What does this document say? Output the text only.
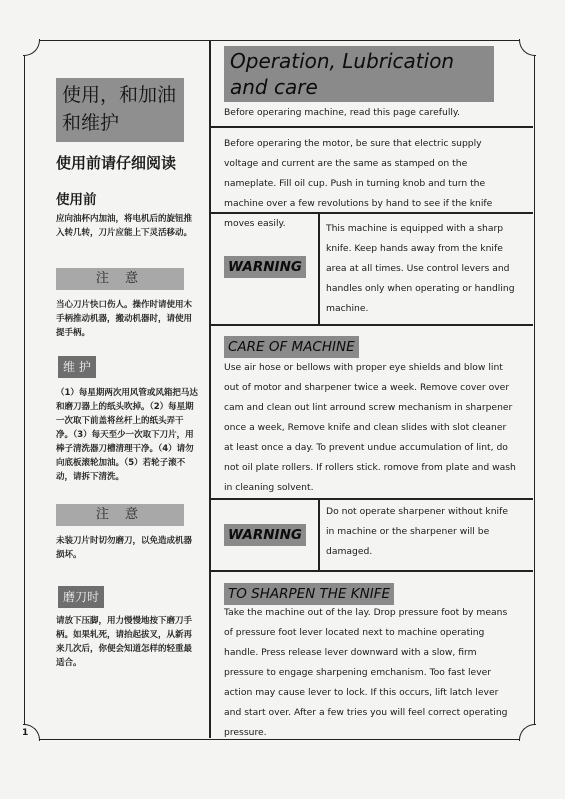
使用，和加油和维护
使用前请仔细阅读
使用前
应向油杯内加油，将电机后的旋钮推入转几转，刀片应能上下灵活移动。
注 意
当心刀片快口伤人。操作时请使用木手柄推动机器，搬动机器时，请使用提手柄。
维 护
（1）每星期两次用风管或风箱把马达和磨刀器上的纸头吹掉。（2）每星期一次取下前盖将丝杆上的纸头弄干净。（3）每天至少一次取下刀片，用棒子清洗器刀槽清理干净。（4）请勿向底板滚轮加油。（5）若轮子滚不动，请拆下清洗。
注 意
未装刀片时切勿磨刀，以免造成机器损坏。
磨刀时
请放下压脚，用力慢慢地按下磨刀手柄。如果轧死，请抬起拔叉，从新再来几次后，你便会知道怎样的轻重最适合。
Operation, Lubrication and care
Before operaring machine, read this page carefully.
Before operaring the motor, be sure that electric supply voltage and current are the same as stamped on the nameplate. Fill oil cup. Push in turning knob and turn the machine over a few revolutions by hand to see if the knife moves easily.
WARNING
This machine is equipped with a sharp knife. Keep hands away from the knife area at all times. Use control levers and handles only when operating or handling machine.
CARE OF MACHINE
Use air hose or bellows with proper eye shields and blow lint out of motor and sharpener twice a week. Remove cover over cam and clean out lint arround screw mechanism in sharpener once a week, Remove knife and clean slides with slot cleaner at least once a day. To prevent undue accumulation of lint, do not oil plate rollers. If rollers stick. romove from plate and wash in cleaning solvent.
WARNING
Do not operate sharpener without knife in machine or the sharpener will be damaged.
TO SHARPEN THE KNIFE
Take the machine out of the lay. Drop pressure foot by means of pressure foot lever located next to machine operating handle. Press release lever downward with a slow, firm pressure to engage sharpening emchanism. Too fast lever action may cause lever to lock. If this occurs, lift latch lever and start over. After a few tries you will feel correct operating pressure.
1
